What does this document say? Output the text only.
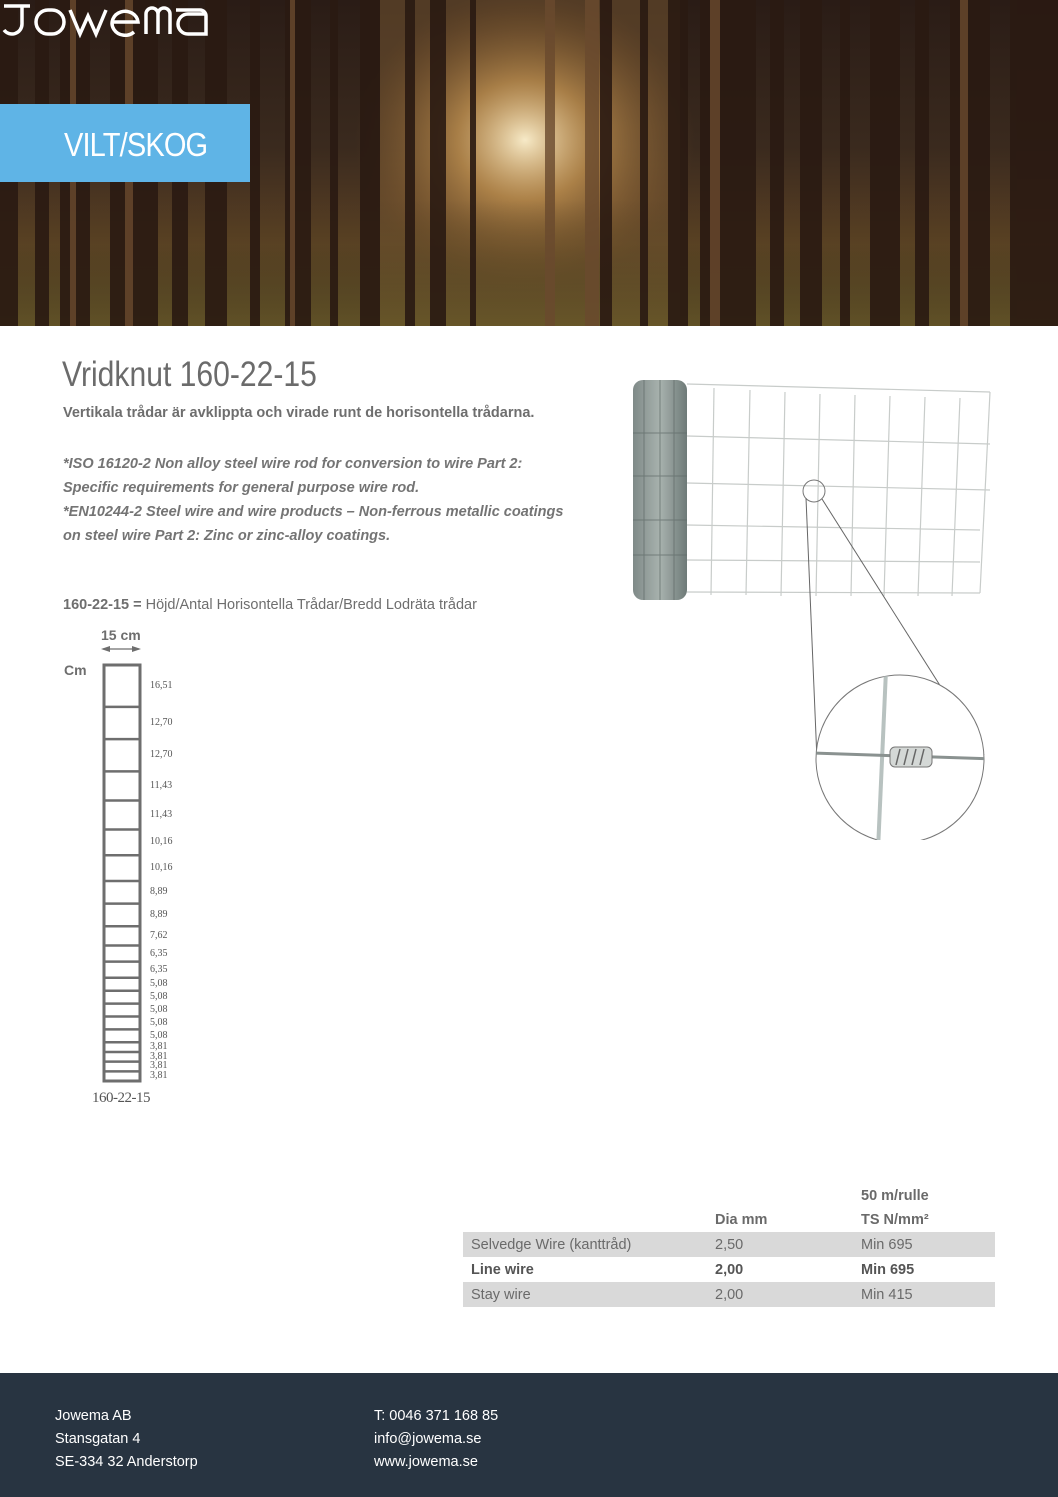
VILT/SKOG
Vridknut 160-22-15
Vertikala trådar är avklippta och virade runt de horisontella trådarna.
*ISO 16120-2 Non alloy steel wire rod for conversion to wire Part 2:
Specific requirements for general purpose wire rod.
*EN10244-2 Steel wire and wire products – Non-ferrous metallic coatings
on steel wire Part 2: Zinc or zinc-alloy coatings.
160-22-15 = Höjd/Antal Horisontella Trådar/Bredd Lodräta trådar
15 cm
Cm
16,51
12,70
12,70
11,43
11,43
10,16
10,16
8,89
8,89
7,62
6,35
6,35
5,08
5,08
5,08
5,08
5,08
3,81
3,81
3,81
3,81
160-22-15
		50 m/rulle
	Dia mm	TS N/mm²
Selvedge Wire (kanttråd)	2,50	Min 695
Line wire	2,00	Min 695
Stay wire	2,00	Min 415
Jowema AB
Stansgatan 4
SE-334 32 Anderstorp
T: 0046 371 168 85
info@jowema.se
www.jowema.se
